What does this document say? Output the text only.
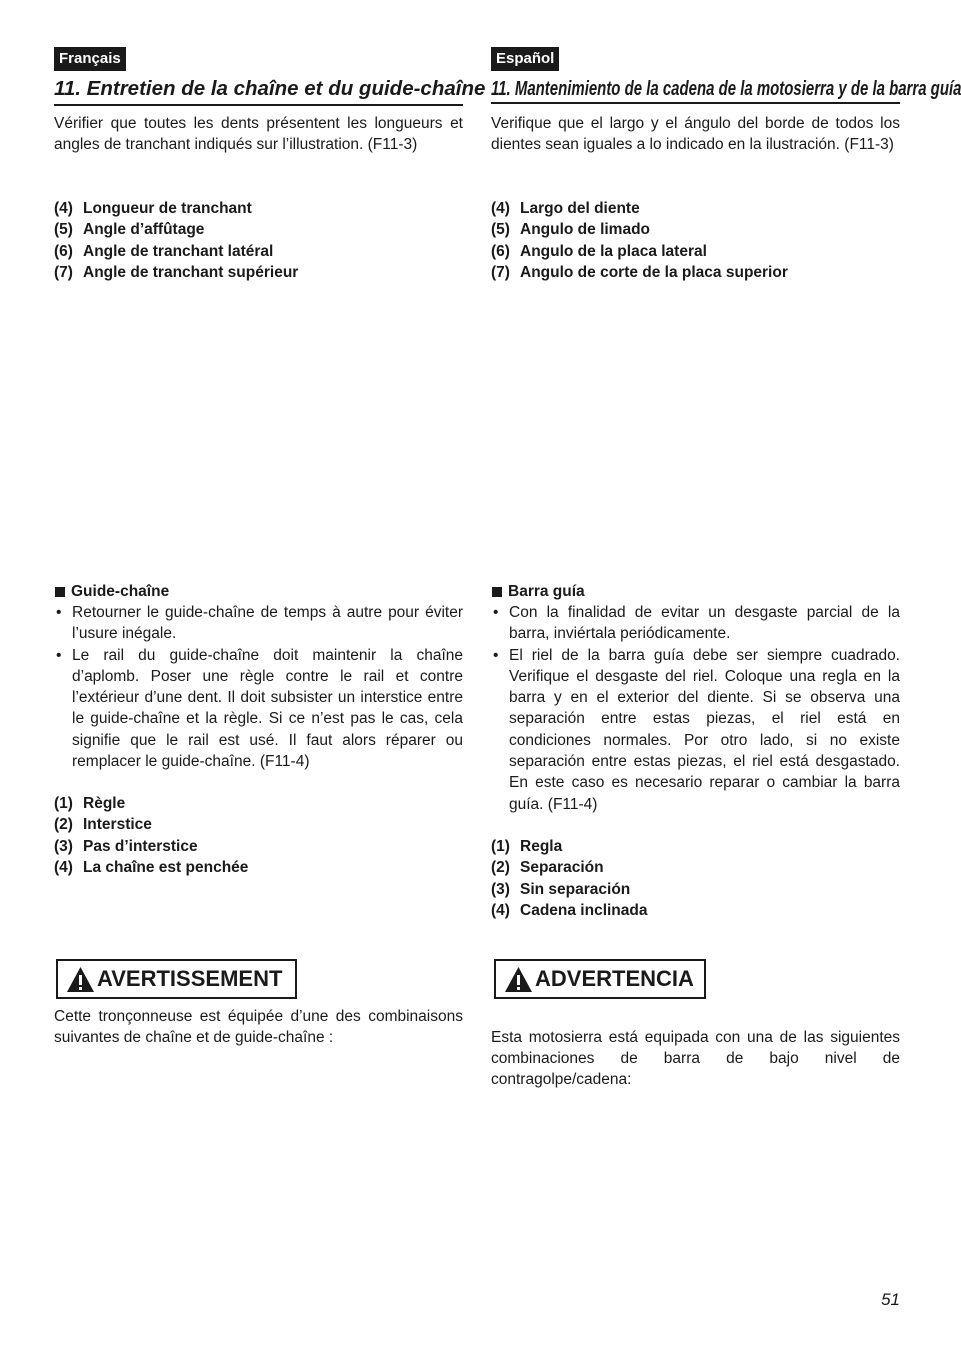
Français
11. Entretien de la chaîne et du guide-chaîne

Vérifier que toutes les dents présentent les longueurs et angles de tranchant indiqués sur l’illustration. (F11-3)

(4) Longueur de tranchant
(5) Angle d’affûtage
(6) Angle de tranchant latéral
(7) Angle de tranchant supérieur
Guide-chaîne
• Retourner le guide-chaîne de temps à autre pour éviter l’usure inégale.
• Le rail du guide-chaîne doit maintenir la chaîne d’aplomb. Poser une règle contre le rail et contre l’extérieur d’une dent. Il doit subsister un interstice entre le guide-chaîne et la règle. Si ce n’est pas le cas, cela signifie que le rail est usé. Il faut alors réparer ou remplacer le guide-chaîne. (F11-4)
(1) Règle
(2) Interstice
(3) Pas d’interstice
(4) La chaîne est penchée
AVERTISSEMENT

Cette tronçonneuse est équipée d’une des combinaisons suivantes de chaîne et de guide-chaîne :

Español
11. Mantenimiento de la cadena de la motosierra y de la barra guía

Verifique que el largo y el ángulo del borde de todos los dientes sean iguales a lo indicado en la ilustración. (F11-3)

(4) Largo del diente
(5) Angulo de limado
(6) Angulo de la placa lateral
(7) Angulo de corte de la placa superior
Barra guía
• Con la finalidad de evitar un desgaste parcial de la barra, inviértala periódicamente.
• El riel de la barra guía debe ser siempre cuadrado. Verifique el desgaste del riel. Coloque una regla en la barra y en el exterior del diente. Si se observa una separación entre estas piezas, el riel está en condiciones normales. Por otro lado, si no existe separación entre estas piezas, el riel está desgastado. En este caso es necesario reparar o cambiar la barra guía. (F11-4)
(1) Regla
(2) Separación
(3) Sin separación
(4) Cadena inclinada
ADVERTENCIA

Esta motosierra está equipada con una de las siguientes combinaciones de barra de bajo nivel de contragolpe/cadena:

51
